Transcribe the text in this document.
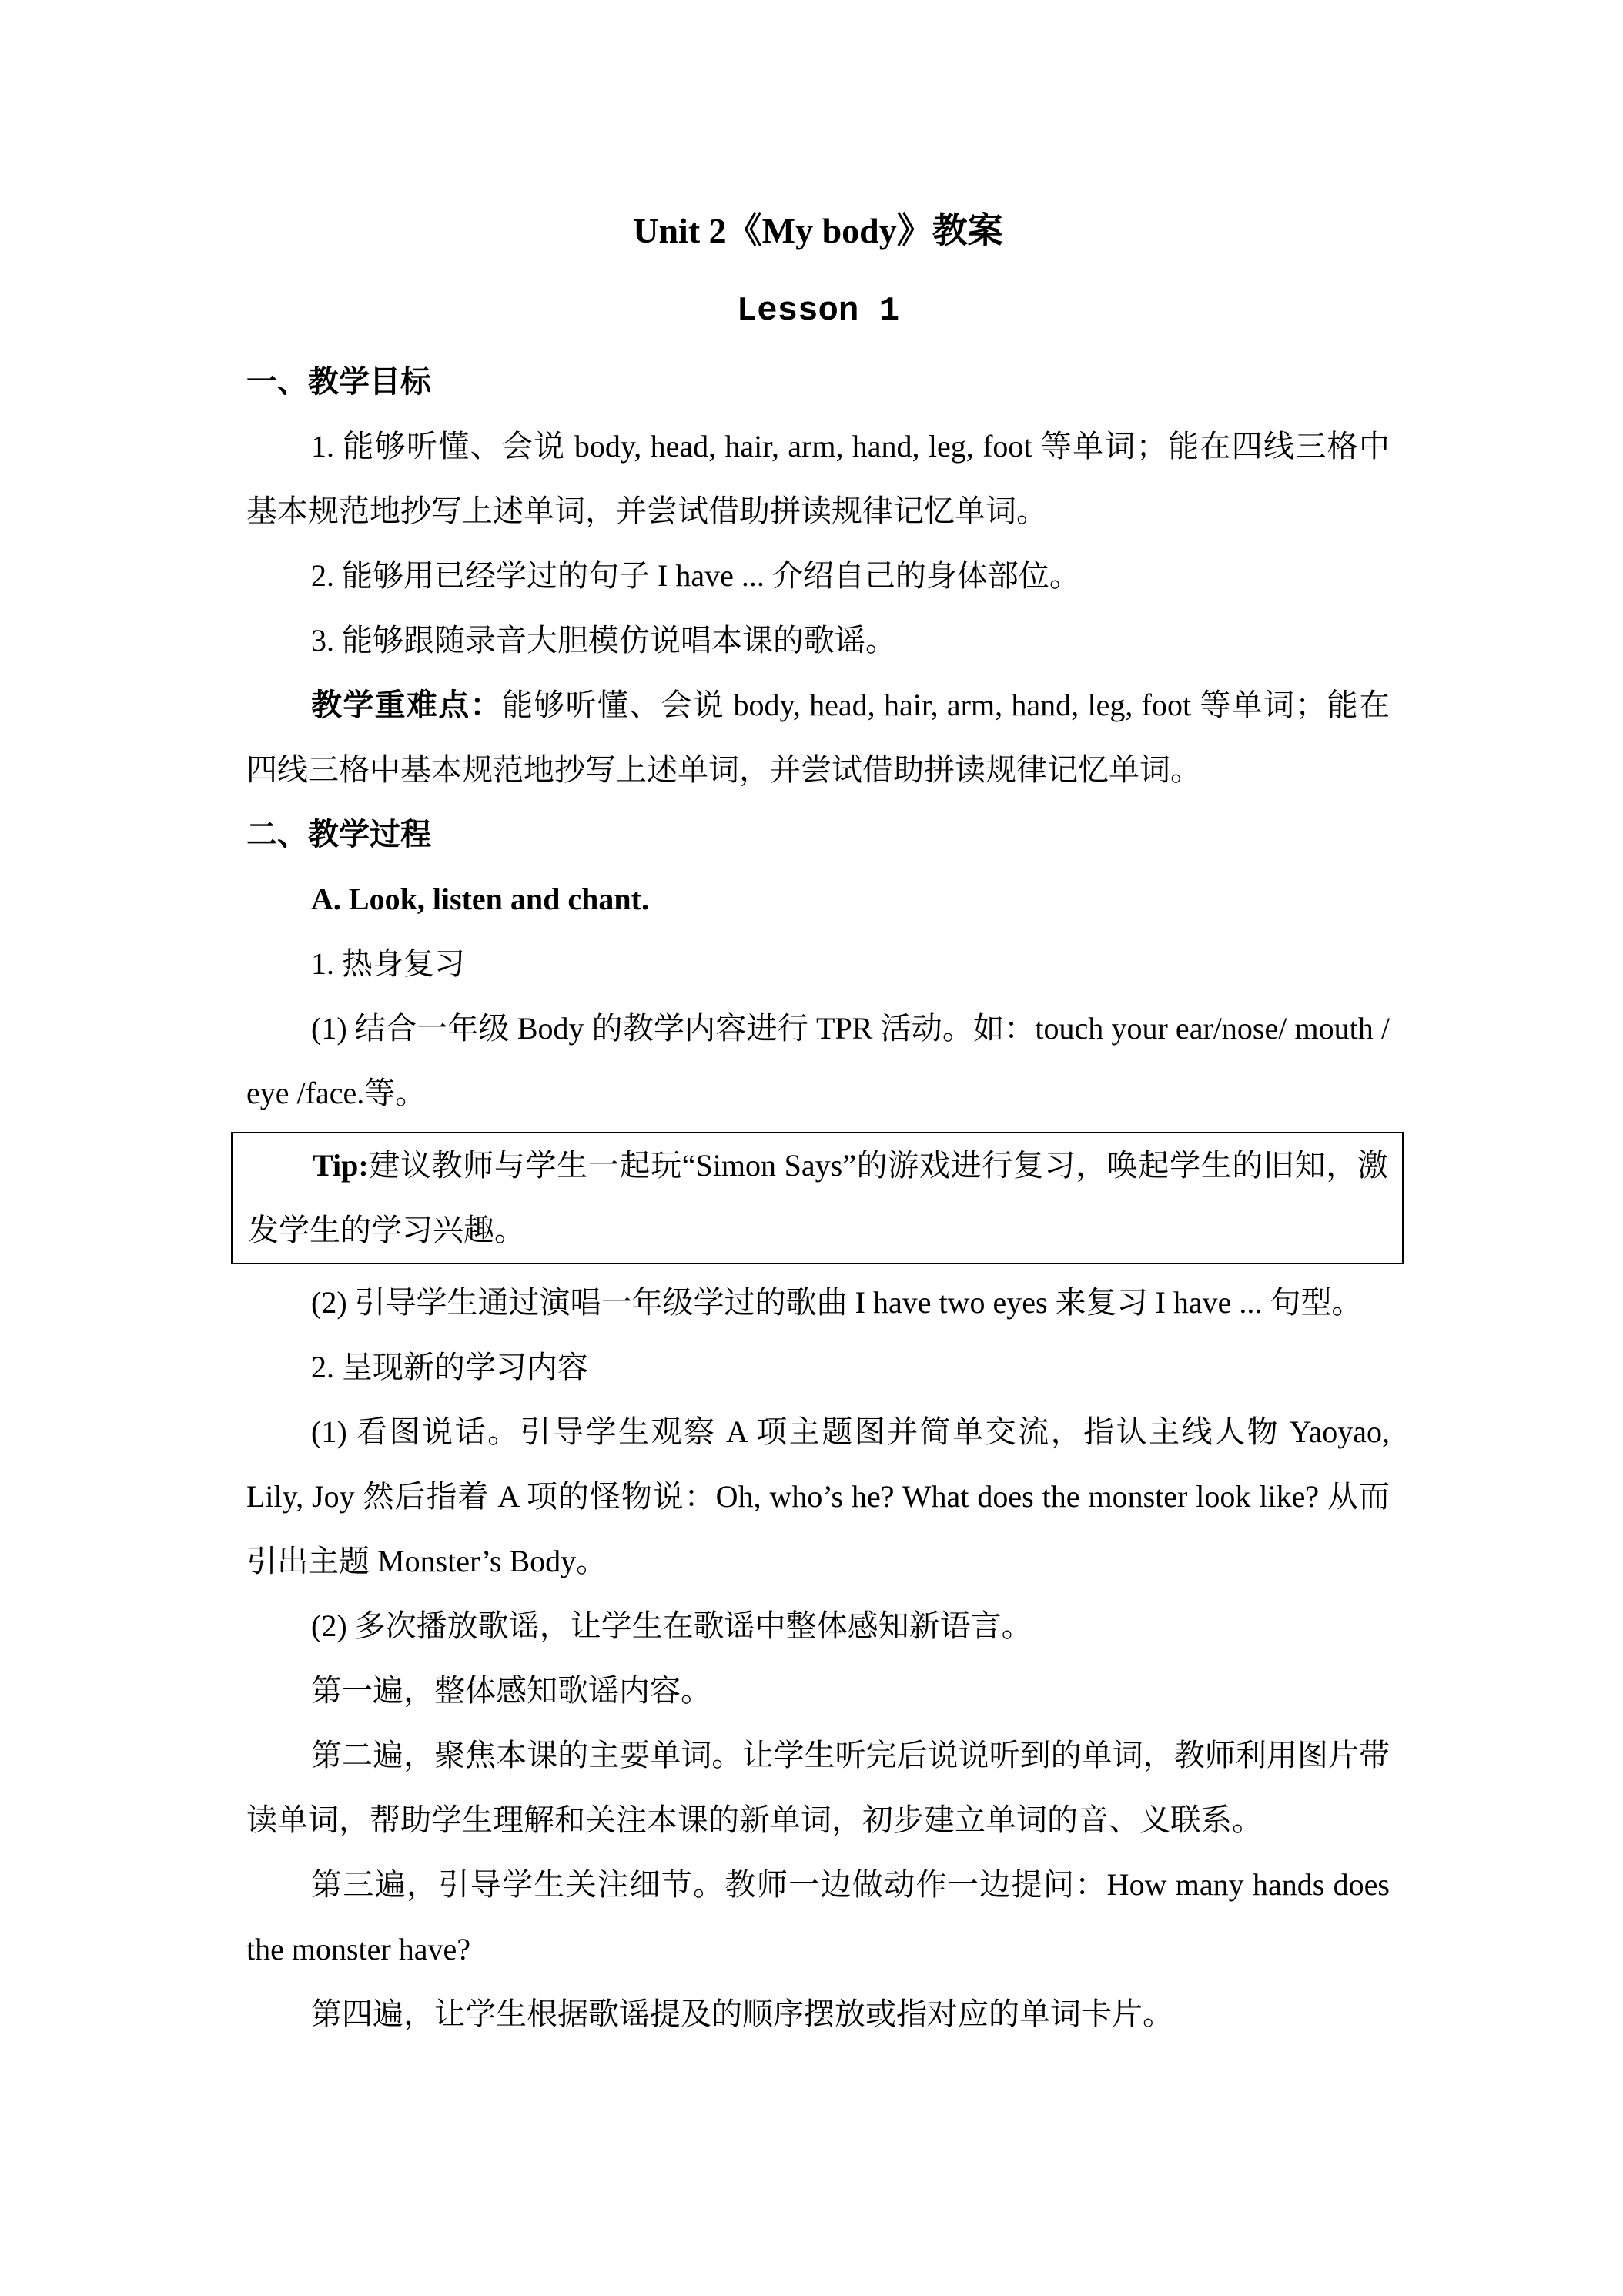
Unit 2《My body》教案
Lesson 1
一、教学目标

1. 能够听懂、会说 body, head, hair, arm, hand, leg, foot 等单词；能在四线三格中基本规范地抄写上述单词，并尝试借助拼读规律记忆单词。

2. 能够用已经学过的句子 I have ... 介绍自己的身体部位。

3. 能够跟随录音大胆模仿说唱本课的歌谣。

教学重难点：能够听懂、会说 body, head, hair, arm, hand, leg, foot 等单词；能在四线三格中基本规范地抄写上述单词，并尝试借助拼读规律记忆单词。

二、教学过程

A. Look, listen and chant.

1. 热身复习

(1) 结合一年级 Body 的教学内容进行 TPR 活动。如：touch your ear/nose/ mouth / eye /face.等。

Tip:建议教师与学生一起玩“Simon Says”的游戏进行复习，唤起学生的旧知，激发学生的学习兴趣。

(2) 引导学生通过演唱一年级学过的歌曲 I have two eyes 来复习 I have ... 句型。

2. 呈现新的学习内容

(1) 看图说话。引导学生观察 A 项主题图并简单交流，指认主线人物 Yaoyao, Lily, Joy 然后指着 A 项的怪物说：Oh, who’s he? What does the monster look like? 从而引出主题 Monster’s Body。

(2) 多次播放歌谣，让学生在歌谣中整体感知新语言。

第一遍，整体感知歌谣内容。

第二遍，聚焦本课的主要单词。让学生听完后说说听到的单词，教师利用图片带读单词，帮助学生理解和关注本课的新单词，初步建立单词的音、义联系。

第三遍，引导学生关注细节。教师一边做动作一边提问：How many hands does the monster have?

第四遍，让学生根据歌谣提及的顺序摆放或指对应的单词卡片。
